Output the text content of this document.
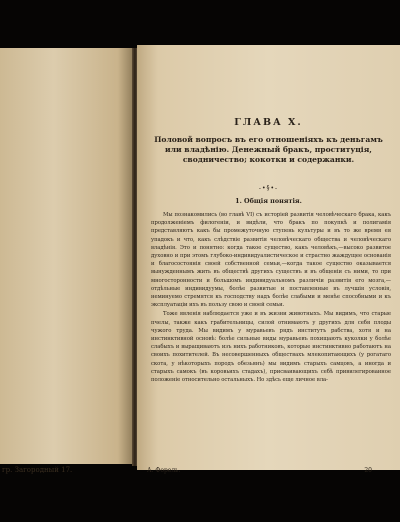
гр. Загородный 17.
ГЛАВА X.
Половой вопросъ въ его отношеніяхъ къ деньгамъ или владѣнію. Денежный бракъ, проституція, сводничество; кокотки и содержанки.
-•§•-
1. Общія понятія.

Мы познакомились (во главѣ VI) съ исторіей развитія человѣческаго брака, какъ продолженіемъ филогеніи, и видѣли, что бракъ по покупкѣ и полигамія представляютъ какъ бы промежуточную ступень культуры и въ то же время ея упадокъ и что, какъ слѣдствіе развитія человѣческаго общества и человѣческаго владѣнія. Это и понятно: когда такое существо, какъ человѣкъ,—высоко развитое духовно и при этомъ глубоко-индивидуалистическое и страстно жаждущее основанія и благосостоянія своей собственной семьи,—когда такое существо оказывается вынужденнымъ жить въ обществѣ другихъ существъ и въ общеніи съ ними, то при многосторонности и большомъ индивидуальномъ различіи развитія его мозга,—отдѣльные индивидуумы, болѣе развитые и поставленные въ лучшія условія, неминуемо стремятся къ господству надъ болѣе слабыми и менѣе способными и къ эксплуатаціи ихъ въ пользу свою и своей семьи.

Тоже явленія наблюдается уже и въ жизни животныхъ. Мы видимъ, что старые пчелы, также какъ грабительницы, силой отнимаютъ у другихъ для себя плоды чужого труда. Мы видимъ у муравьевъ рядъ институтъ рабства, хотя и на инстинктивной основѣ: болѣе сильные виды муравьевъ похищаютъ куколки у болѣе слабыхъ и выращиваютъ изъ нихъ работниковъ, которые инстинктивно работаютъ на своихъ похитителей. Въ несовершенныхъ обществахъ млекопитающихъ (у рогатаго скота, у нѣкоторыхъ породъ обезьянъ) мы видимъ старыхъ самцовъ, а иногда и старыхъ самокъ (въ коровьихъ стадахъ), присваивающихъ себѣ привилегированное положеніе относительно остальныхъ. Но здѣсь еще личное вла-

А. Форель.	20
